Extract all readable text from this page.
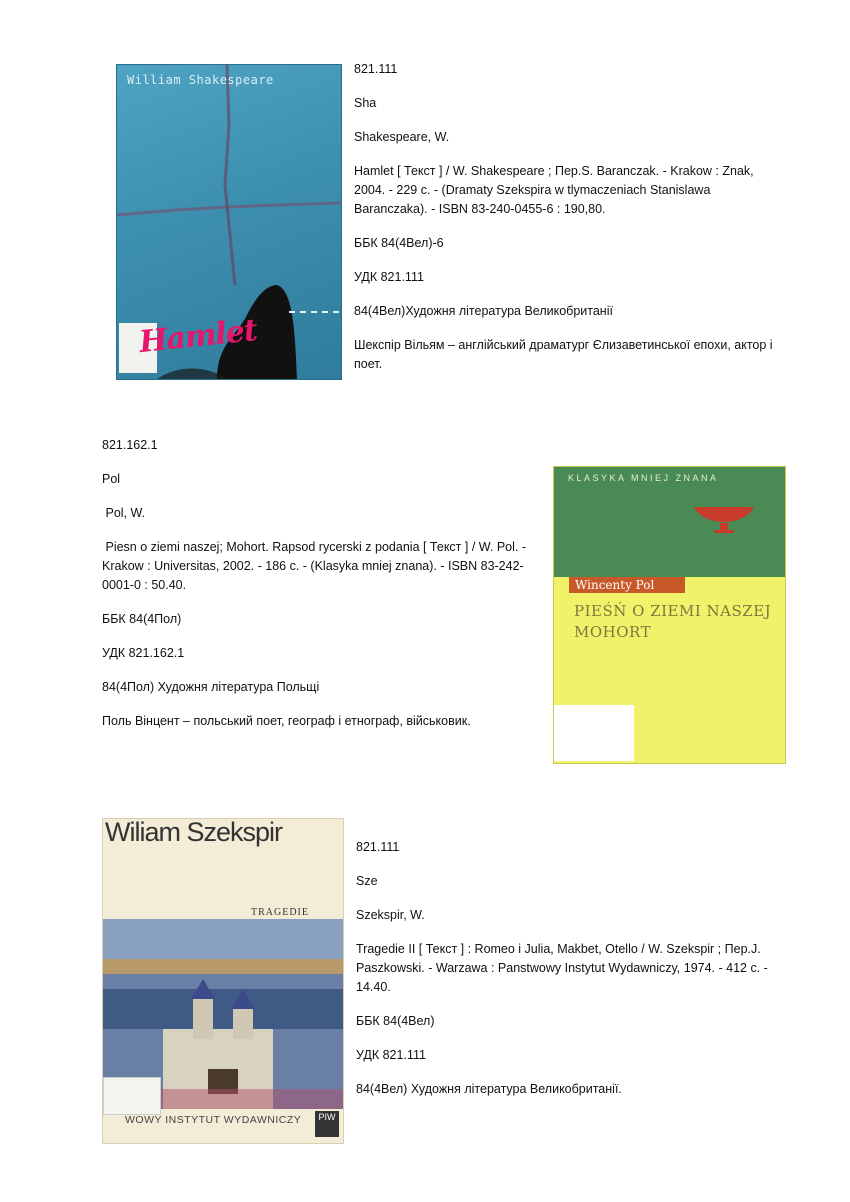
William Shakespeare
Hamlet

821.111

Sha

Shakespeare, W.

Hamlet [ Текст ] / W. Shakespeare ; Пер.S. Baranczak. - Krakow : Znak, 2004. - 229 с. - (Dramaty Szekspira w tlymaczeniach Stanislawa Baranczaka). - ISBN 83-240-0455-6 : 190,80.

ББК 84(4Вел)-6

УДК 821.111

84(4Вел)Художня література Великобританії

Шекспір Вільям – англійський драматург Єлизаветинської епохи, актор і поет.

821.162.1

Pol

Pol, W.

Piesn o ziemi naszej; Mohort. Rapsod rycerski z podania [ Текст ] / W. Pol. - Krakow : Universitas, 2002. - 186 с. - (Klasyka mniej znana). - ISBN 83-242-0001-0 : 50.40.

ББК 84(4Пол)

УДК 821.162.1

84(4Пол) Художня література Польщі

Поль Вінцент – польський поет, географ і етнограф, військовик.

KLASYKA MNIEJ ZNANA
Wincenty Pol
PIEŚŃ O ZIEMI NASZEJ
MOHORT
Wiliam Szekspir
TRAGEDIE
WOWY INSTYTUT WYDAWNICZY	PIW

821.111

Sze

Szekspir, W.

Tragedie II [ Текст ] : Romeo i Julia, Makbet, Otello / W. Szekspir ; Пер.J. Paszkowski. - Warzawa : Panstwowy Instytut Wydawniczy, 1974. - 412 с. - 14.40.

ББК 84(4Вел)

УДК 821.111

84(4Вел) Художня література Великобританії.
